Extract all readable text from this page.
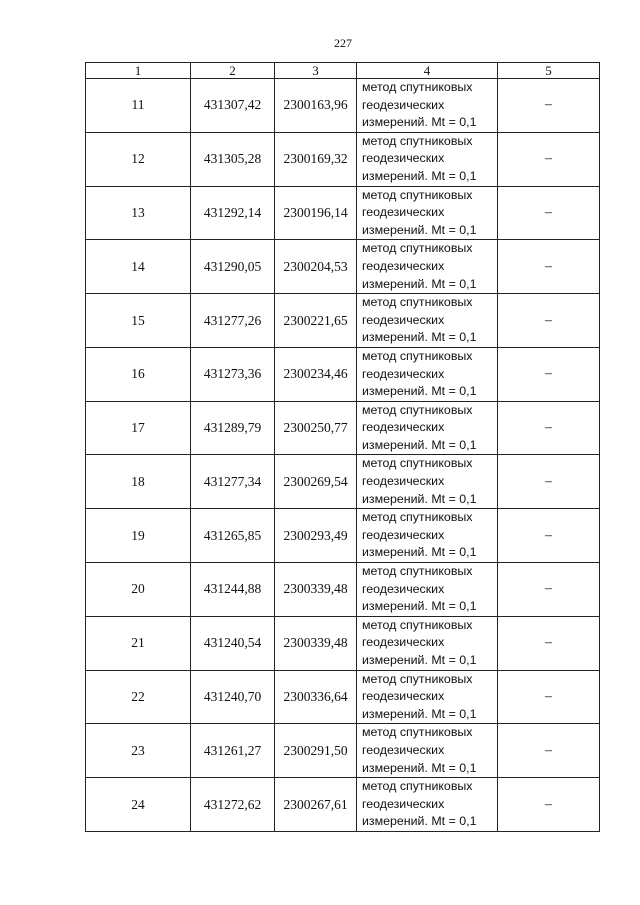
227
1	2	3	4	5
11	431307,42	2300163,96	метод спутниковых
геодезических
измерений. Mt = 0,1	–
12	431305,28	2300169,32	метод спутниковых
геодезических
измерений. Mt = 0,1	–
13	431292,14	2300196,14	метод спутниковых
геодезических
измерений. Mt = 0,1	–
14	431290,05	2300204,53	метод спутниковых
геодезических
измерений. Mt = 0,1	–
15	431277,26	2300221,65	метод спутниковых
геодезических
измерений. Mt = 0,1	–
16	431273,36	2300234,46	метод спутниковых
геодезических
измерений. Mt = 0,1	–
17	431289,79	2300250,77	метод спутниковых
геодезических
измерений. Mt = 0,1	–
18	431277,34	2300269,54	метод спутниковых
геодезических
измерений. Mt = 0,1	–
19	431265,85	2300293,49	метод спутниковых
геодезических
измерений. Mt = 0,1	–
20	431244,88	2300339,48	метод спутниковых
геодезических
измерений. Mt = 0,1	–
21	431240,54	2300339,48	метод спутниковых
геодезических
измерений. Mt = 0,1	–
22	431240,70	2300336,64	метод спутниковых
геодезических
измерений. Mt = 0,1	–
23	431261,27	2300291,50	метод спутниковых
геодезических
измерений. Mt = 0,1	–
24	431272,62	2300267,61	метод спутниковых
геодезических
измерений. Mt = 0,1	–
